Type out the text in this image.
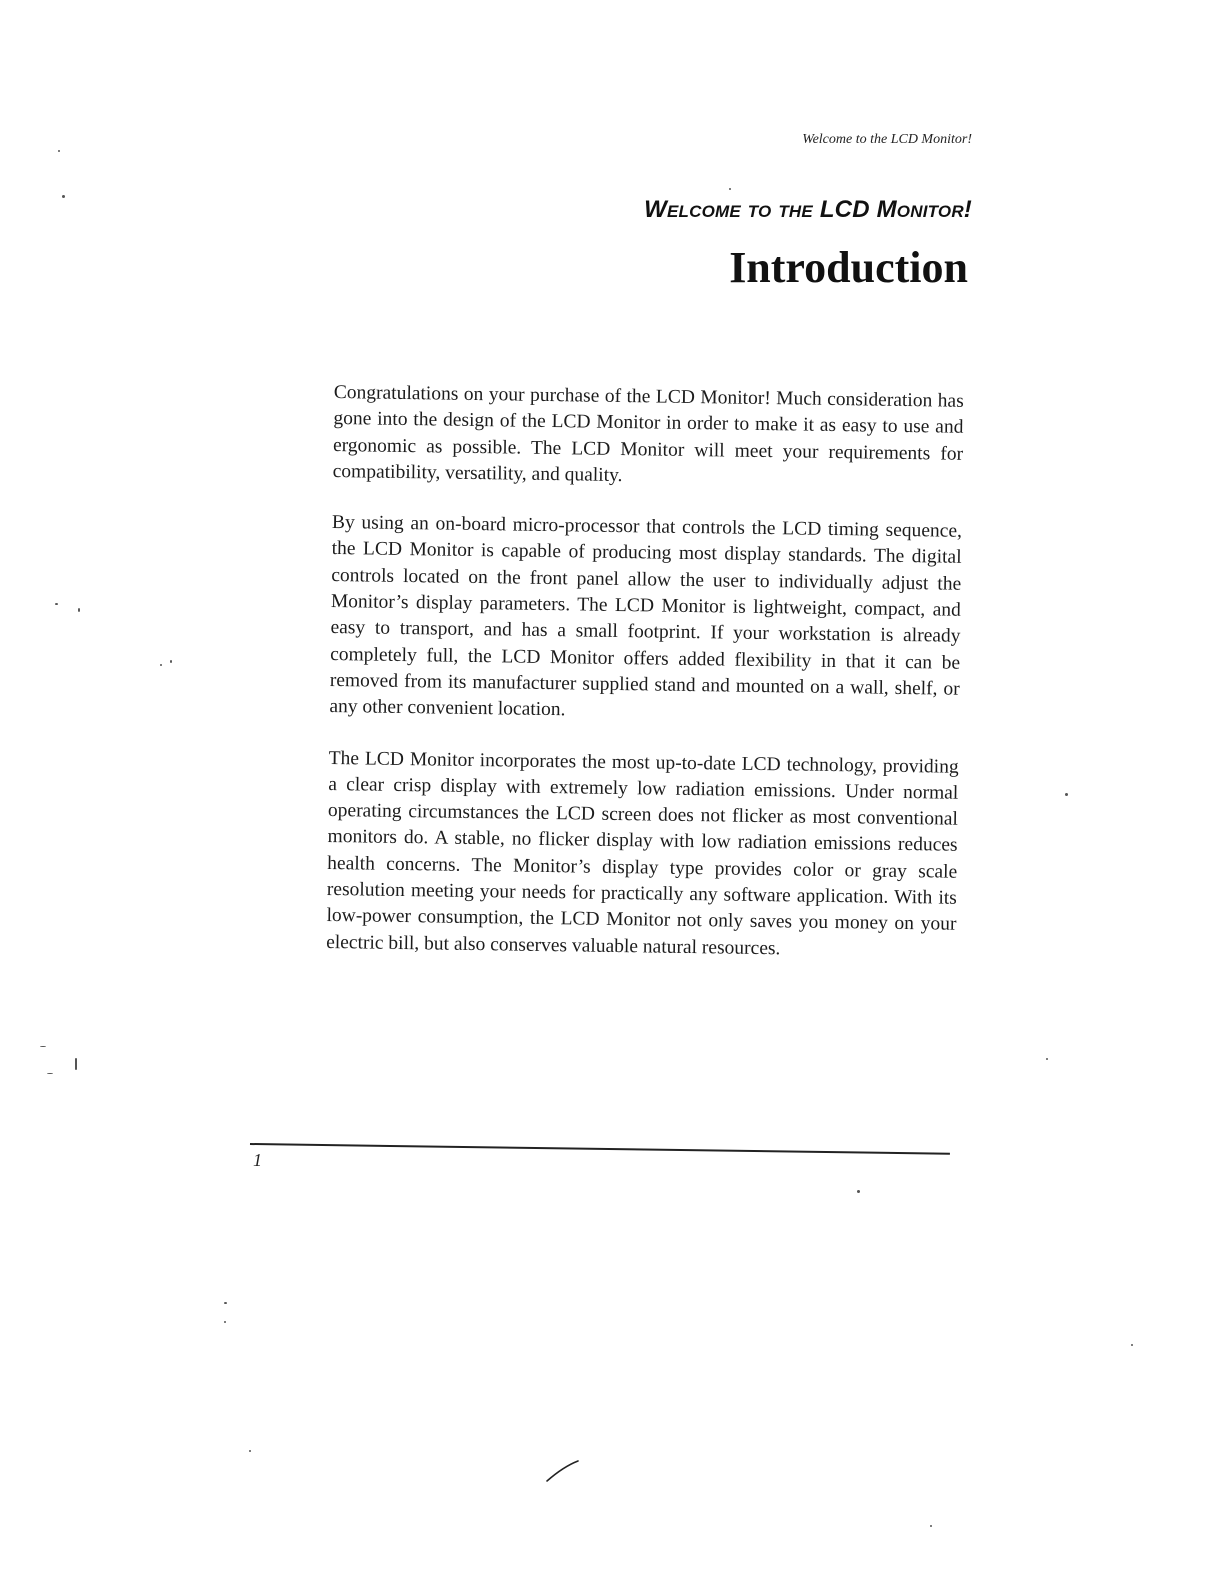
Welcome to the LCD Monitor!
Welcome to the LCD Monitor!
Introduction

Congratulations on your purchase of the LCD Monitor! Much consideration has gone into the design of the LCD Monitor in order to make it as easy to use and ergonomic as possible. The LCD Monitor will meet your requirements for compatibility, versatility, and quality.

By using an on-board micro-processor that controls the LCD timing sequence, the LCD Monitor is capable of producing most display standards. The digital controls located on the front panel allow the user to individually adjust the Monitor’s display parameters. The LCD Monitor is lightweight, compact, and easy to transport, and has a small footprint. If your workstation is already completely full, the LCD Monitor offers added flexibility in that it can be removed from its manufacturer supplied stand and mounted on a wall, shelf, or any other convenient location.

The LCD Monitor incorporates the most up-to-date LCD technology, providing a clear crisp display with extremely low radiation emissions. Under normal operating circumstances the LCD screen does not flicker as most conventional monitors do. A stable, no flicker display with low radiation emissions reduces health concerns. The Monitor’s display type provides color or gray scale resolution meeting your needs for practically any software application. With its low-power consumption, the LCD Monitor not only saves you money on your electric bill, but also conserves valuable natural resources.

1
